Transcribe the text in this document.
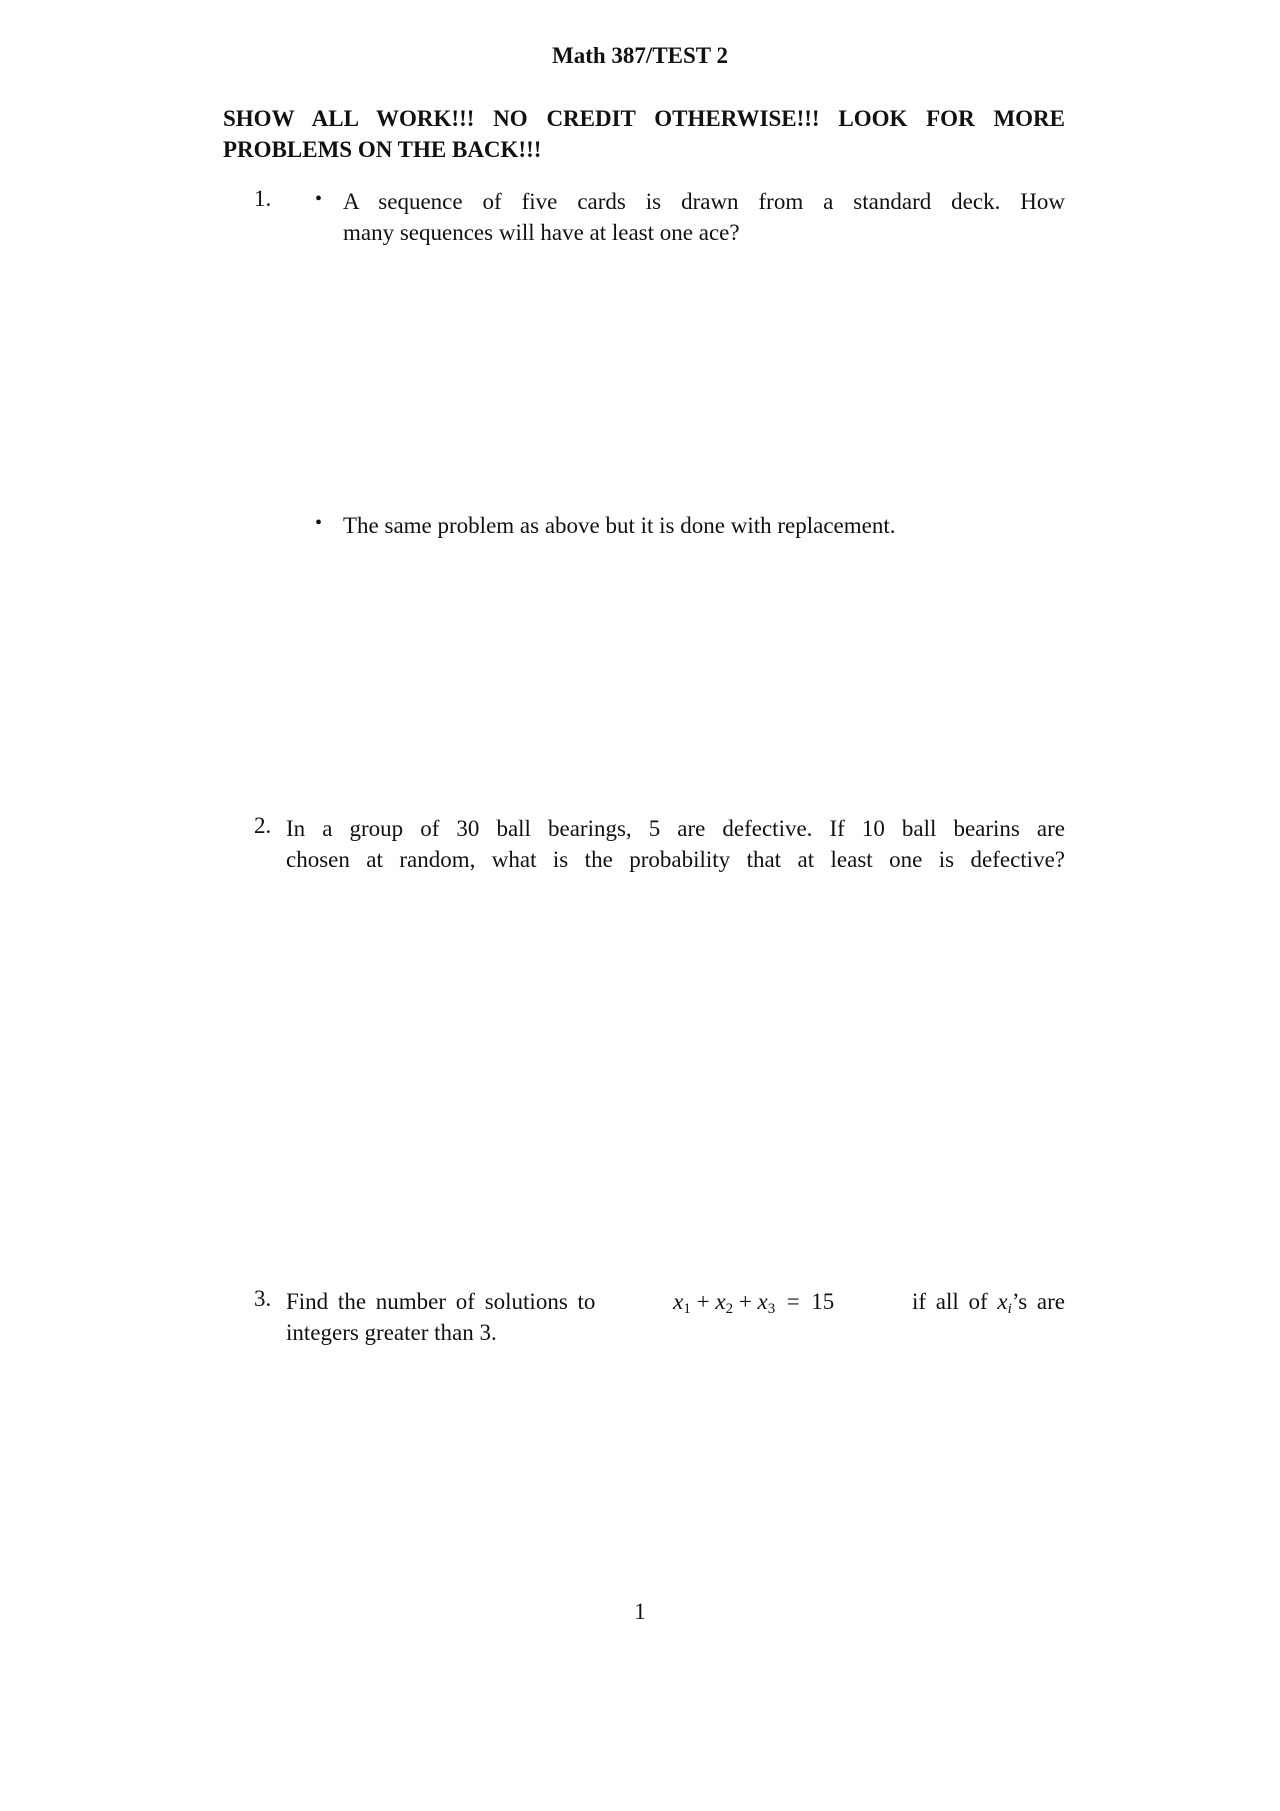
Math 387/TEST 2
SHOW ALL WORK!!! NO CREDIT OTHERWISE!!! LOOK FOR MORE PROBLEMS ON THE BACK!!!
1. • A sequence of five cards is drawn from a standard deck. How
many sequences will have at least one ace?
• The same problem as above but it is done with replacement.
2. In a group of 30 ball bearings, 5 are defective. If 10 ball bearins are
chosen at random, what is the probability that at least one is defective?
3. Find the number of solutions to	$x_1 + x_2 + x_3 = 15$	if all of $x_i’s$ are
integers greater than 3.
1
